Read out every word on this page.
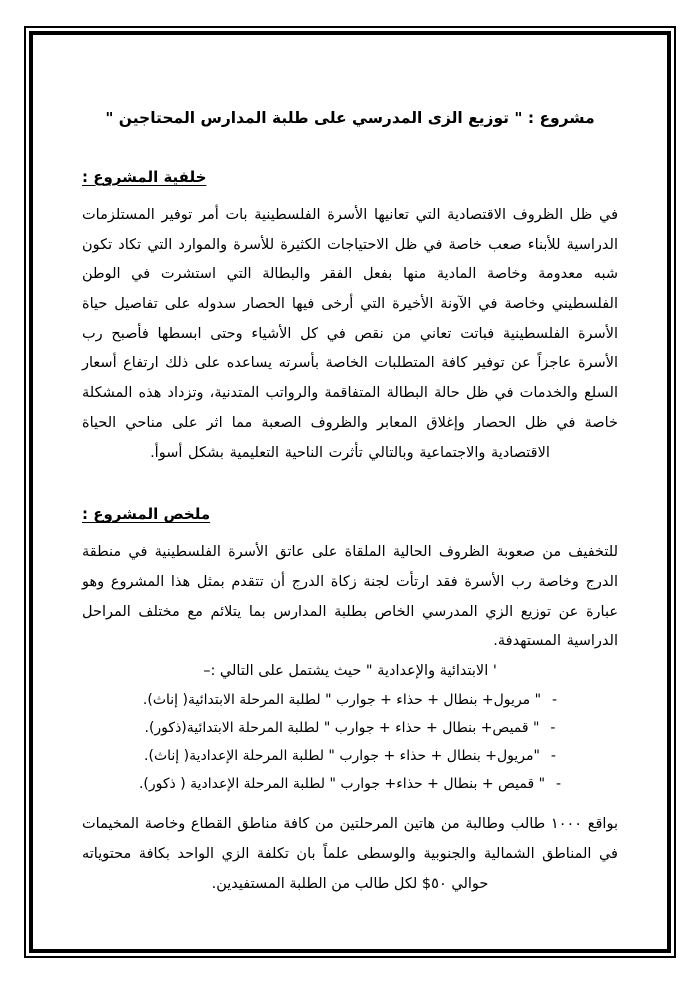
مشروع : " توزيع الزى المدرسي على طلبة المدارس المحتاجين "
خلفية المشروع :

في ظل الظروف الاقتصادية التي تعانيها الأسرة الفلسطينية بات أمر توفير المستلزمات الدراسية للأبناء صعب خاصة في ظل الاحتياجات الكثيرة للأسرة والموارد التي تكاد تكون شبه معدومة وخاصة المادية منها بفعل الفقر والبطالة التي استشرت في الوطن الفلسطيني وخاصة في الآونة الأخيرة التي أرخى فيها الحصار سدوله على تفاصيل حياة الأسرة الفلسطينية فباتت تعاني من نقص في كل الأشياء وحتى ابسطها فأصبح رب الأسرة عاجزاً عن توفير كافة المتطلبات الخاصة بأسرته يساعده على ذلك ارتفاع أسعار السلع والخدمات في ظل حالة البطالة المتفاقمة والرواتب المتدنية، وتزداد هذه المشكلة خاصة في ظل الحصار وإغلاق المعابر والظروف الصعبة مما اثر على مناحي الحياة الاقتصادية والاجتماعية وبالتالي تأثرت الناحية التعليمية بشكل أسوأ.

ملخص المشروع :

للتخفيف من صعوبة الظروف الحالية الملقاة على عاتق الأسرة الفلسطينية في منطقة الدرج وخاصة رب الأسرة فقد ارتأت لجنة زكاة الدرج أن تتقدم بمثل هذا المشروع وهو عبارة عن توزيع الزي المدرسي الخاص بطلبة المدارس بما يتلائم مع مختلف المراحل الدراسية المستهدفة.

' الابتدائية والإعدادية " حيث يشتمل على التالي :–

-" مريول+ بنطال + حذاء + جوارب " لطلبة المرحلة الابتدائية( إناث).
-" قميص+ بنطال + حذاء + جوارب " لطلبة المرحلة الابتدائية(ذكور).
-"مريول+ بنطال + حذاء + جوارب " لطلبة المرحلة الإعدادية( إناث).
-" قميص + بنطال + حذاء+ جوارب " لطلبة المرحلة الإعدادية ( ذكور).

بواقع ١٠٠٠ طالب وطالبة من هاتين المرحلتين من كافة مناطق القطاع وخاصة المخيمات في المناطق الشمالية والجنوبية والوسطى علماً بان تكلفة الزي الواحد بكافة محتوياته حوالي ٥٠$ لكل طالب من الطلبة المستفيدين.
